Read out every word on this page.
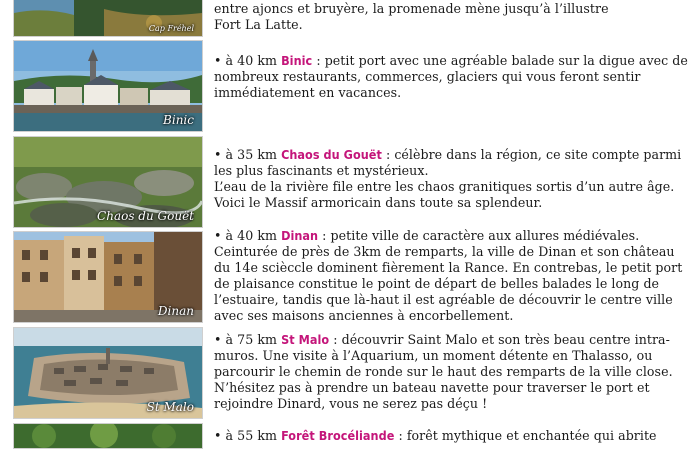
Cap Fréhel

entre ajoncs et bruyère, la promenade mène jusqu’à l’illustre

Fort La Latte.

Binic

• à 40 km Binic : petit port avec une agréable balade sur la digue avec de nombreux restaurants, commerces, glaciers qui vous feront sentir immédiatement en vacances.

Chaos du Gouët

• à 35 km Chaos du Gouët : célèbre dans la région, ce site compte parmi les plus fascinants et mystérieux.

L’eau de la rivière file entre les chaos granitiques sortis d’un autre âge. Voici le Massif armoricain dans toute sa splendeur.

Dinan

• à 40 km Dinan : petite ville de caractère aux allures médiévales. Ceinturée de près de 3km de remparts, la ville de Dinan et son château du 14e scièccle dominent fièrement la Rance. En contrebas, le petit port de plaisance constitue le point de départ de belles balades le long de l’estuaire, tandis que là-haut il est agréable de découvrir le centre ville avec ses maisons anciennes à encorbellement.

St Malo

• à 75 km St Malo : découvrir Saint Malo et son très beau centre intra-muros. Une visite à l’Aquarium, un moment détente en Thalasso, ou parcourir le chemin de ronde sur le haut des remparts de la ville close. N’hésitez pas à prendre un bateau navette pour traverser le port et rejoindre Dinard, vous ne serez pas déçu !

• à 55 km Forêt Brocéliande : forêt mythique et enchantée qui abrite
